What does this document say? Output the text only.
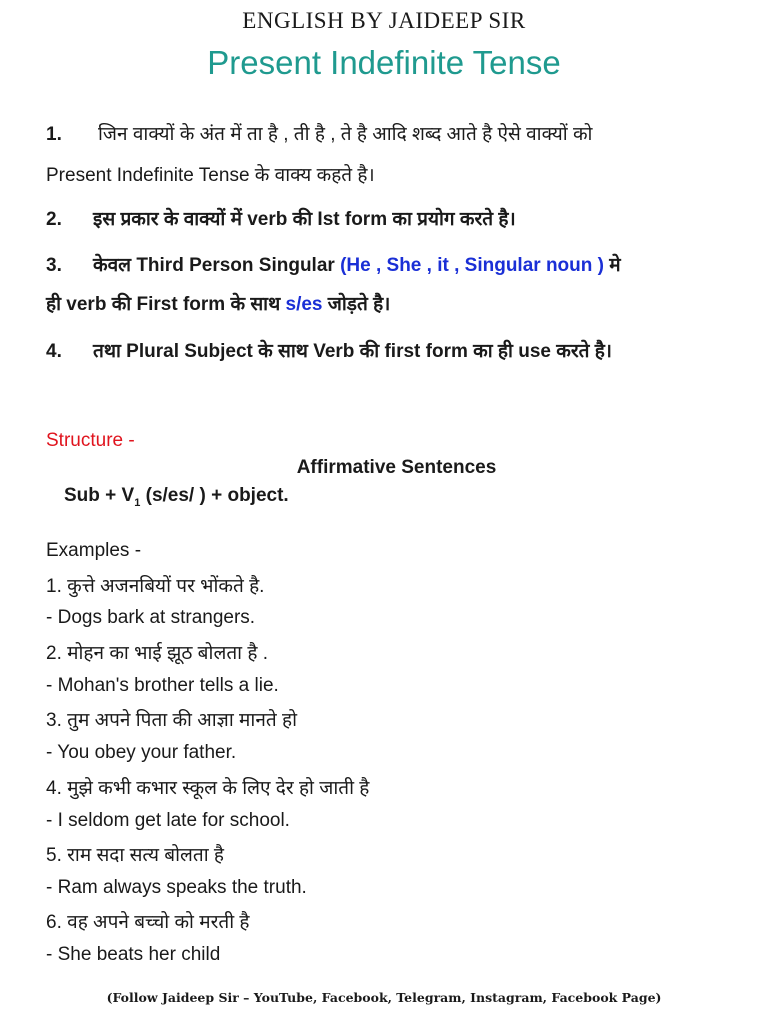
ENGLISH BY JAIDEEP SIR
Present Indefinite Tense
1. जिन वाक्यों के अंत में ता है , ती है , ते है आदि शब्द आते है ऐसे वाक्यों को
Present Indefinite Tense के वाक्य कहते है।
2. इस प्रकार के वाक्यों में verb की Ist form का प्रयोग करते है।
3. केवल Third Person Singular (He , She , it , Singular noun ) मे
ही verb की First form के साथ s/es जोड़ते है।
4. तथा Plural Subject के साथ Verb की first form का ही use करते है।
Structure -
Affirmative Sentences
Sub + $V_1$ (s/es/ ) + object.
Examples -
1. कुत्ते अजनबियों पर भोंकते है.
- Dogs bark at strangers.
2. मोहन का भाई झूठ बोलता है .
- Mohan's brother tells a lie.
3. तुम अपने पिता की आज्ञा मानते हो
- You obey your father.
4. मुझे कभी कभार स्कूल के लिए देर हो जाती है
- I seldom get late for school.
5. राम सदा सत्य बोलता है
- Ram always speaks the truth.
6. वह अपने बच्चो को मरती है
- She beats her child
(Follow Jaideep Sir – YouTube, Facebook, Telegram, Instagram, Facebook Page)
